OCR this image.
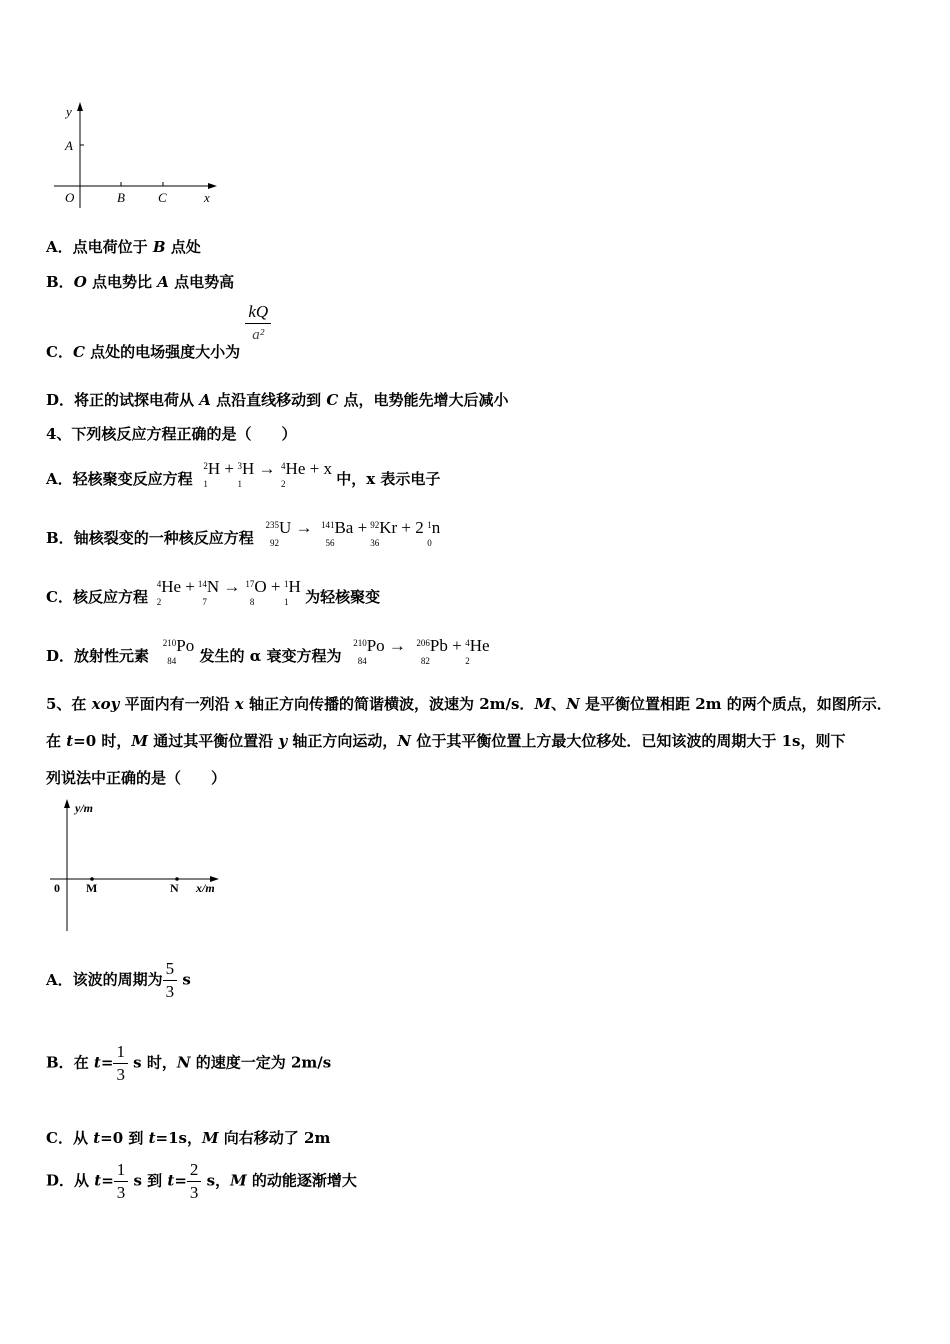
y
A
O	B	C	x
A．点电荷位于 B 点处
B．O 点电势比 A 点电势高
C．C 点处的电场强度大小为
$\frac{kQ}{\text{a²}}$
D．将正的试探电荷从 A 点沿直线移动到 C 点，电势能先增大后减小
4、下列核反应方程正确的是（　　）
A．轻核聚变反应方程
2
1
H + 3
1
H → 4
2
He + x 中，x 表示电子
B．铀核裂变的一种核反应方程
235
92
U → 141
56
Ba + 92
36
Kr + 2 1
0
n
C．核反应方程
4
2
He + 14
7
N → 17
8
O + 1
1
H 为轻核聚变
D．放射性元素
210
84
Po 发生的 α 衰变方程为
210
84
Po → 206
82
Pb + 4
2
He
5、在 xoy 平面内有一列沿 x 轴正方向传播的简谐横波，波速为 2m/s．M、N 是平衡位置相距 2m 的两个质点，如图所示．
在 t=0 时，M 通过其平衡位置沿 y 轴正方向运动，N 位于其平衡位置上方最大位移处．已知该波的周期大于 1s，则下
列说法中正确的是（　　）
y/m
0 M	N x/m
A．该波的周期为 $\frac{5}{3}$ s
B．在 $t= \frac{1}{3}$ s 时，N 的速度一定为 2m/s
C．从 t=0 到 t=1s，M 向右移动了 2m
D．从 $t= \frac{1}{3}$ s 到 $t= \frac{2}{3}$ s，M 的动能逐渐增大
